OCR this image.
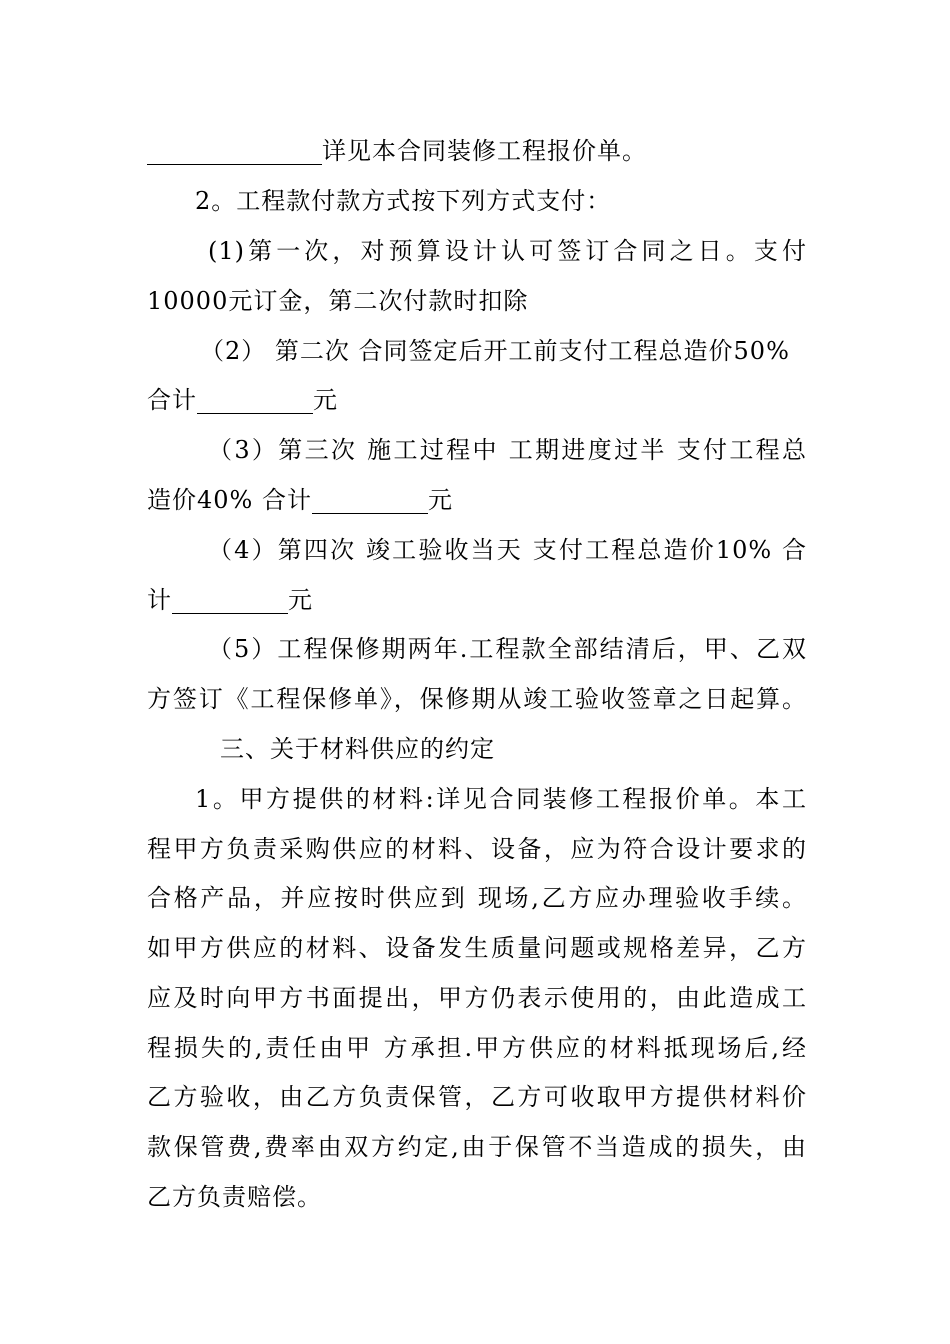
详见本合同装修工程报价单。
2。工程款付款方式按下列方式支付：
(1)第一次，对预算设计认可签订合同之日。支付
10000元订金，第二次付款时扣除
（2） 第二次 合同签定后开工前支付工程总造价50%
合计	元
（3）第三次 施工过程中 工期进度过半 支付工程总
造价40% 合计	元
（4）第四次 竣工验收当天 支付工程总造价10% 合
计	元
（5）工程保修期两年.工程款全部结清后，甲、乙双
方签订《工程保修单》，保修期从竣工验收签章之日起算。
三、关于材料供应的约定
1。甲方提供的材料:详见合同装修工程报价单。本工
程甲方负责采购供应的材料、设备，应为符合设计要求的
合格产品，并应按时供应到 现场,乙方应办理验收手续。
如甲方供应的材料、设备发生质量问题或规格差异，乙方
应及时向甲方书面提出，甲方仍表示使用的，由此造成工
程损失的,责任由甲 方承担.甲方供应的材料抵现场后,经
乙方验收，由乙方负责保管，乙方可收取甲方提供材料价
款保管费,费率由双方约定,由于保管不当造成的损失，由
乙方负责赔偿。
